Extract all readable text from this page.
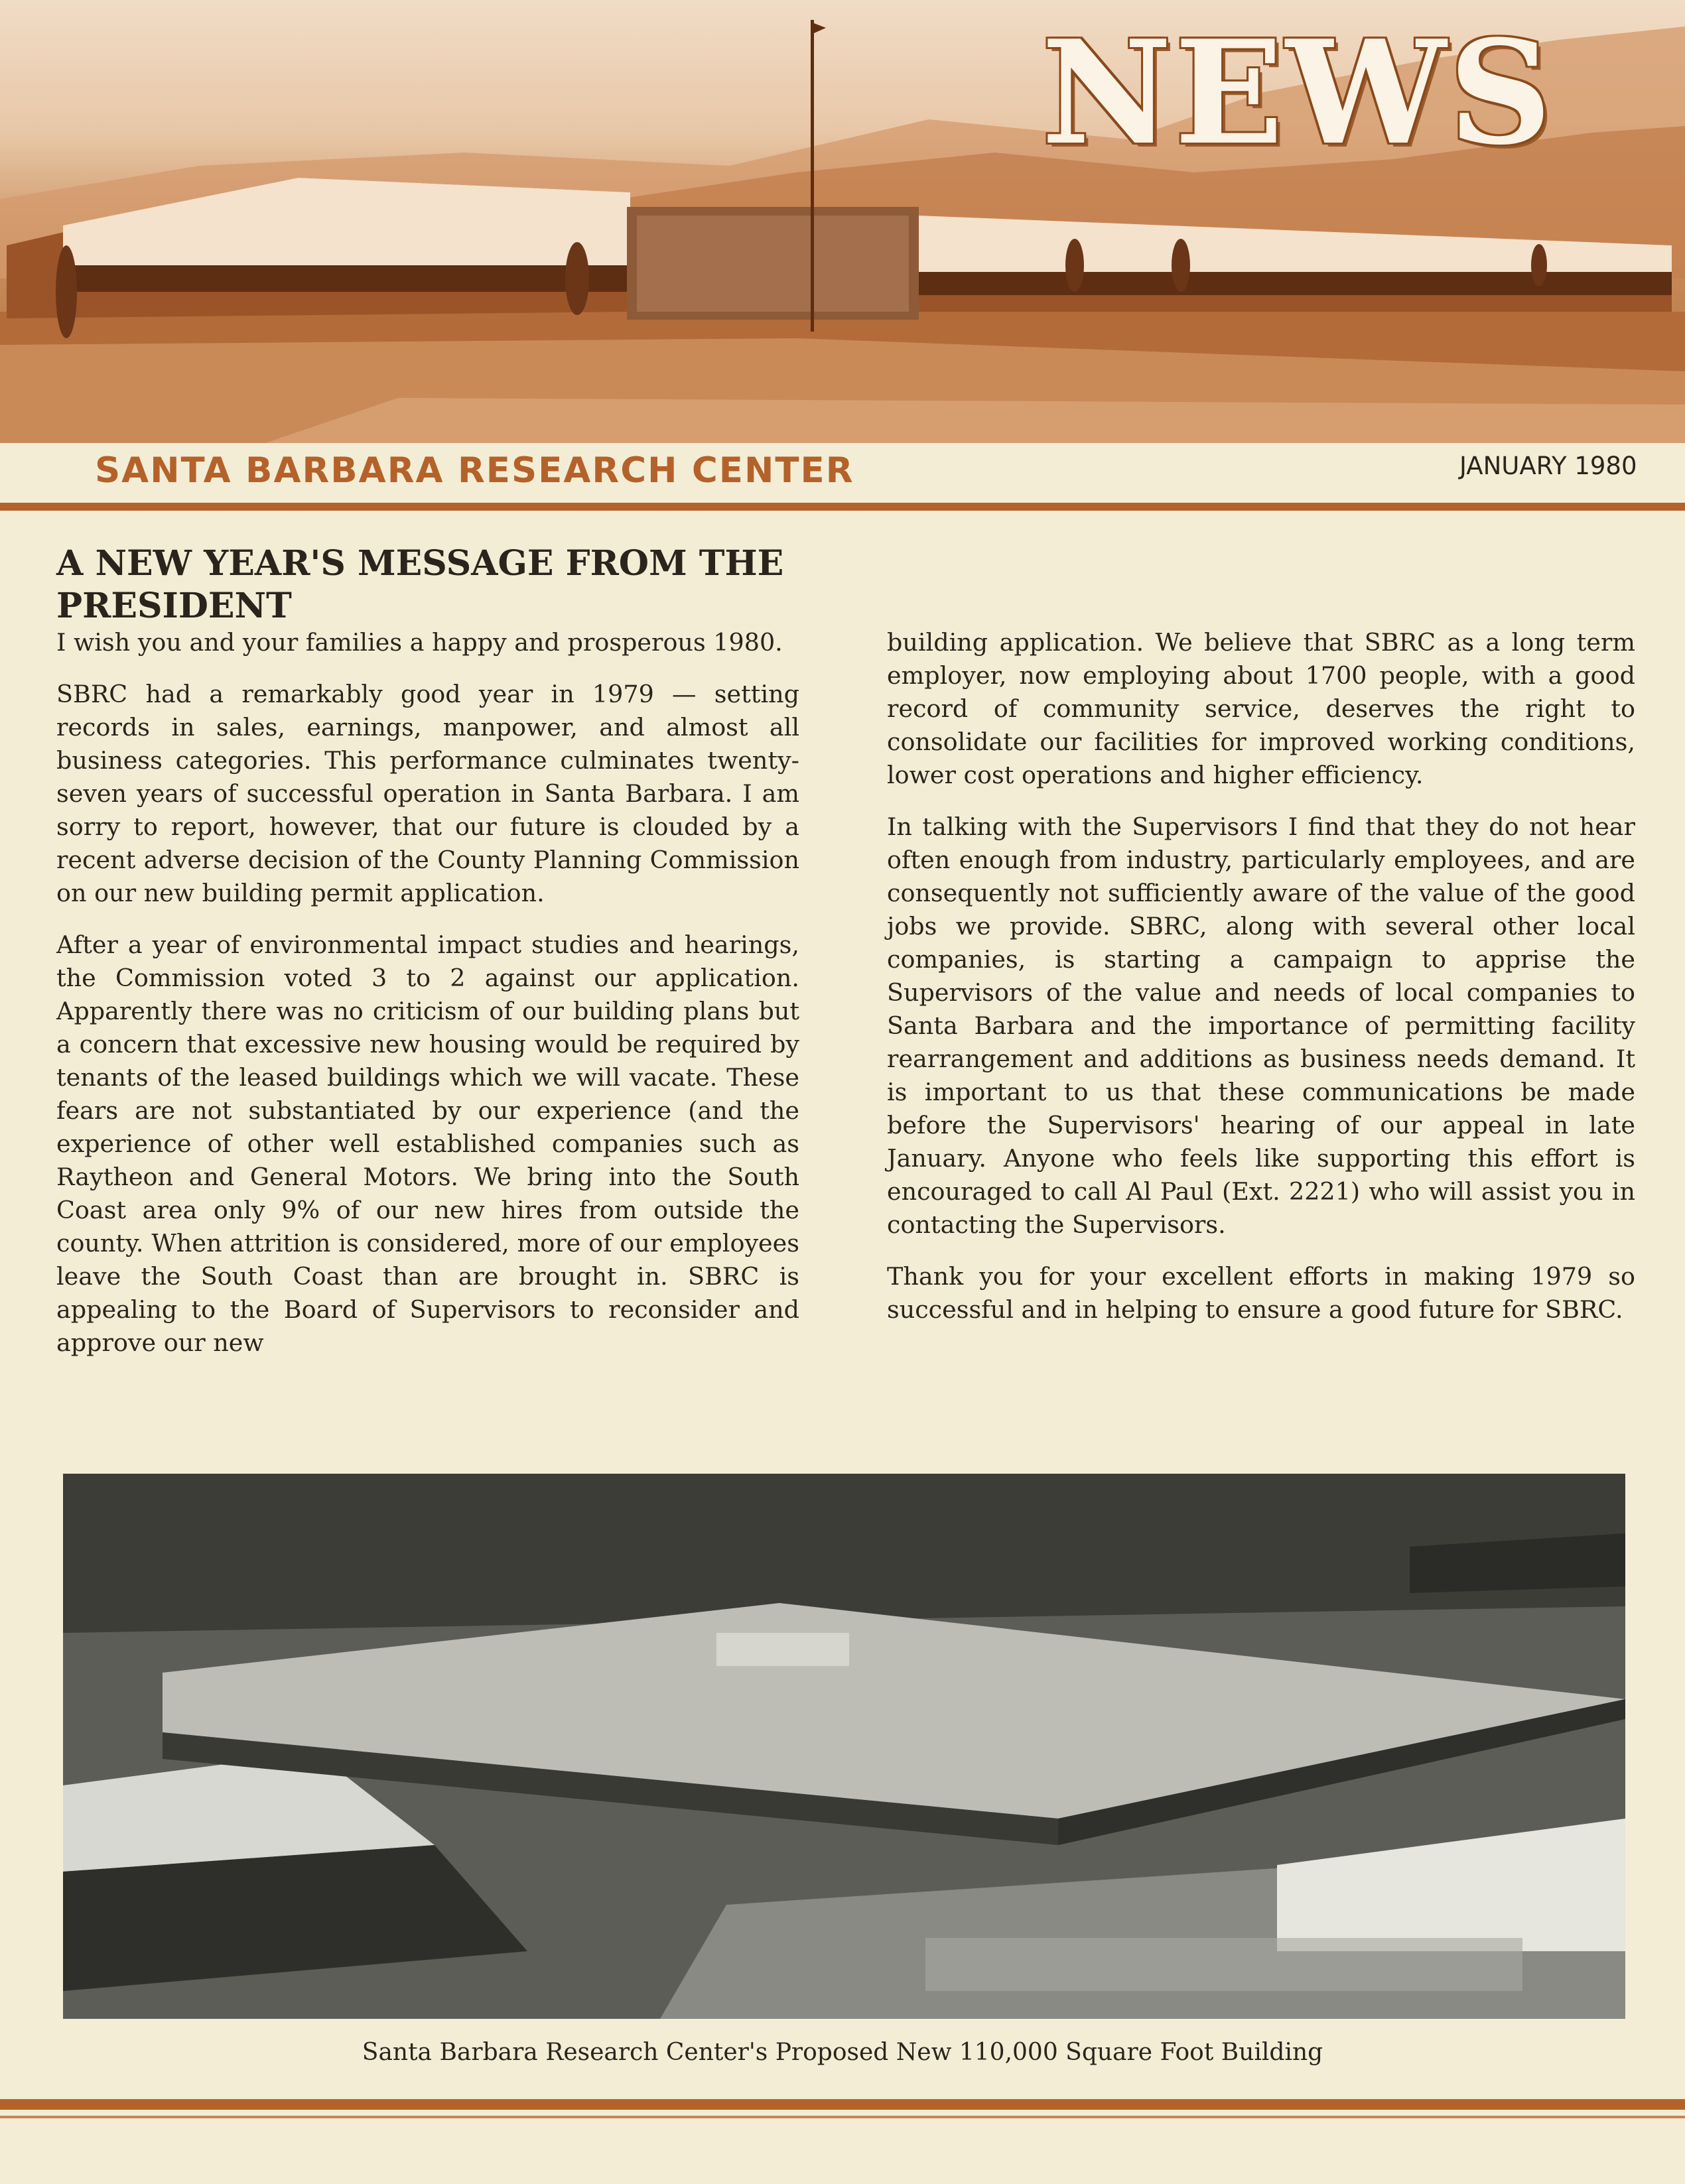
NEWS
SANTA BARBARA RESEARCH CENTER	JANUARY 1980
A NEW YEAR'S MESSAGE FROM THE PRESIDENT

I wish you and your families a happy and prosperous 1980.

SBRC had a remarkably good year in 1979 — setting records in sales, earnings, manpower, and almost all business categories. This performance culminates twenty-seven years of successful operation in Santa Barbara. I am sorry to report, however, that our future is clouded by a recent adverse decision of the County Planning Commission on our new building permit application.

After a year of environmental impact studies and hearings, the Commission voted 3 to 2 against our application. Apparently there was no criticism of our building plans but a concern that excessive new housing would be required by tenants of the leased buildings which we will vacate. These fears are not substantiated by our experience (and the experience of other well established companies such as Raytheon and General Motors. We bring into the South Coast area only 9% of our new hires from outside the county. When attrition is considered, more of our employees leave the South Coast than are brought in. SBRC is appealing to the Board of Supervisors to reconsider and approve our new

building application. We believe that SBRC as a long term employer, now employing about 1700 people, with a good record of community service, deserves the right to consolidate our facilities for improved working conditions, lower cost operations and higher efficiency.

In talking with the Supervisors I find that they do not hear often enough from industry, particularly employees, and are consequently not sufficiently aware of the value of the good jobs we provide. SBRC, along with several other local companies, is starting a campaign to apprise the Supervisors of the value and needs of local companies to Santa Barbara and the importance of permitting facility rearrangement and additions as business needs demand. It is important to us that these communications be made before the Supervisors' hearing of our appeal in late January. Anyone who feels like supporting this effort is encouraged to call Al Paul (Ext. 2221) who will assist you in contacting the Supervisors.

Thank you for your excellent efforts in making 1979 so successful and in helping to ensure a good future for SBRC.

Santa Barbara Research Center's Proposed New 110,000 Square Foot Building
